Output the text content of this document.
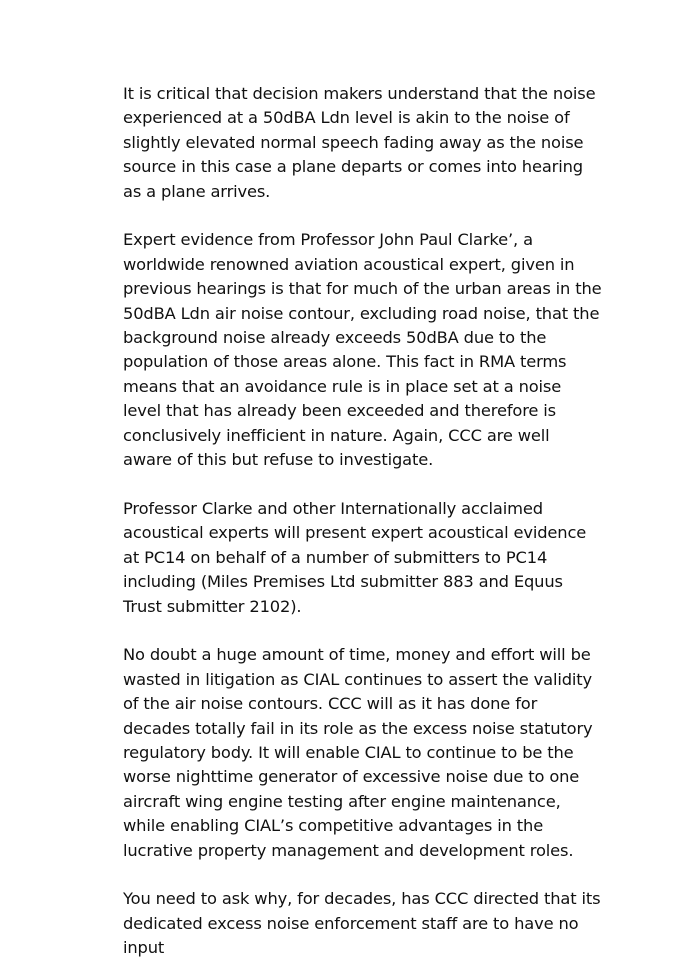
It is critical that decision makers understand that the noise experienced at a 50dBA Ldn level is akin to the noise of slightly elevated normal speech fading away as the noise source in this case a plane departs or comes into hearing as a plane arrives.

Expert evidence from Professor John Paul Clarke’, a worldwide renowned aviation acoustical expert, given in previous hearings is that for much of the urban areas in the 50dBA Ldn air noise contour, excluding road noise, that the background noise already exceeds 50dBA due to the population of those areas alone. This fact in RMA terms means that an avoidance rule is in place set at a noise level that has already been exceeded and therefore is conclusively inefficient in nature. Again, CCC are well aware of this but refuse to investigate.

Professor Clarke and other Internationally acclaimed acoustical experts will present expert acoustical evidence at PC14 on behalf of a number of submitters to PC14 including (Miles Premises Ltd submitter 883 and Equus Trust submitter 2102).

No doubt a huge amount of time, money and effort will be wasted in litigation as CIAL continues to assert the validity of the air noise contours. CCC will as it has done for decades totally fail in its role as the excess noise statutory regulatory body. It will enable CIAL to continue to be the worse nighttime generator of excessive noise due to one aircraft wing engine testing after engine maintenance, while enabling CIAL’s competitive advantages in the lucrative property management and development roles.

You need to ask why, for decades, has CCC directed that its dedicated excess noise enforcement staff are to have no input
